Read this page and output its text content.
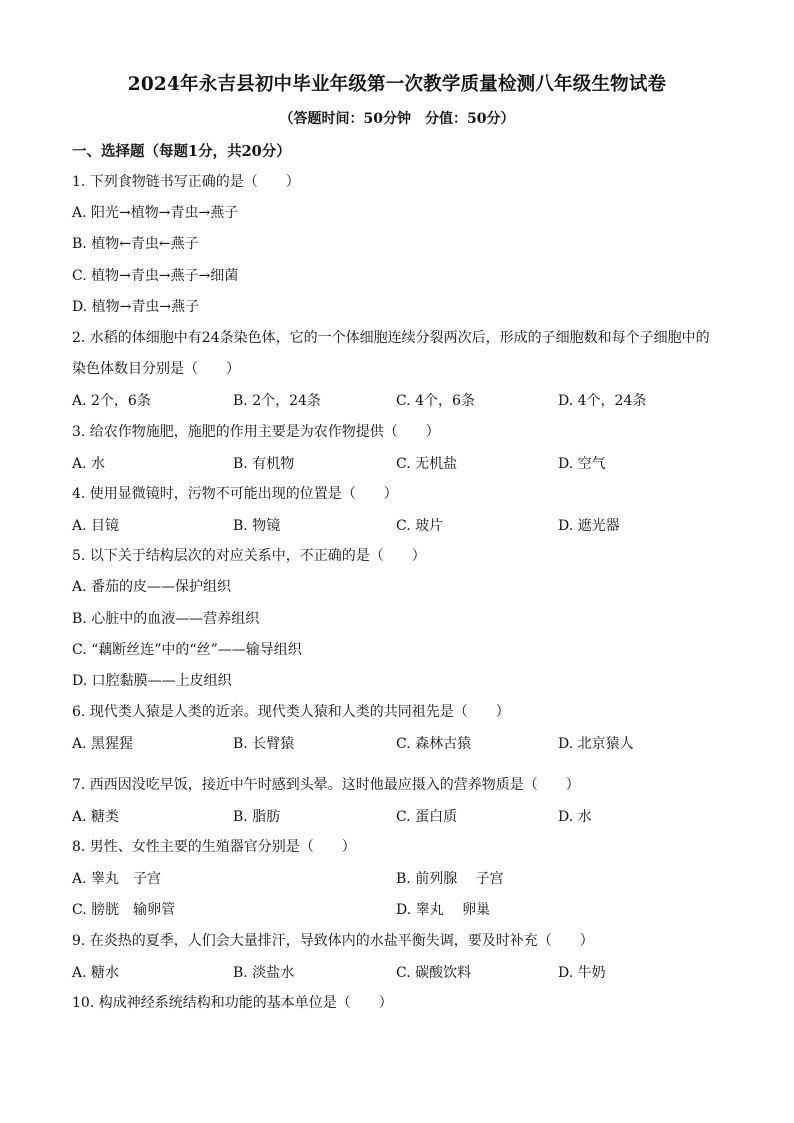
2024年永吉县初中毕业年级第一次教学质量检测八年级生物试卷
（答题时间：50分钟　分值：50分）
一、选择题（每题1分，共20分）
1. 下列食物链书写正确的是（　　）
A. 阳光→植物→青虫→燕子
B. 植物←青虫←燕子
C. 植物→青虫→燕子→细菌
D. 植物→青虫→燕子
2. 水稻的体细胞中有24条染色体，它的一个体细胞连续分裂两次后，形成的子细胞数和每个子细胞中的
染色体数目分别是（　　）
A. 2个，6条	B. 2个，24条	C. 4个，6条	D. 4个，24条
3. 给农作物施肥，施肥的作用主要是为农作物提供（　　）
A. 水	B. 有机物	C. 无机盐	D. 空气
4. 使用显微镜时，污物不可能出现的位置是（　　）
A. 目镜	B. 物镜	C. 玻片	D. 遮光器
5. 以下关于结构层次的对应关系中，不正确的是（　　）
A. 番茄的皮——保护组织
B. 心脏中的血液——营养组织
C. “藕断丝连”中的“丝”——输导组织
D. 口腔黏膜——上皮组织
6. 现代类人猿是人类的近亲。现代类人猿和人类的共同祖先是（　　）
A. 黑猩猩	B. 长臂猿	C. 森林古猿	D. 北京猿人
7. 西西因没吃早饭，接近中午时感到头晕。这时他最应摄入的营养物质是（　　）
A. 糖类	B. 脂肪	C. 蛋白质	D. 水
8. 男性、女性主要的生殖器官分别是（　　）
A. 睾丸　子宫	B. 前列腺　 子宫
C. 膀胱　输卵管	D. 睾丸　 卵巢
9. 在炎热的夏季，人们会大量排汗，导致体内的水盐平衡失调，要及时补充（　　）
A. 糖水	B. 淡盐水	C. 碳酸饮料	D. 牛奶
10. 构成神经系统结构和功能的基本单位是（　　）
